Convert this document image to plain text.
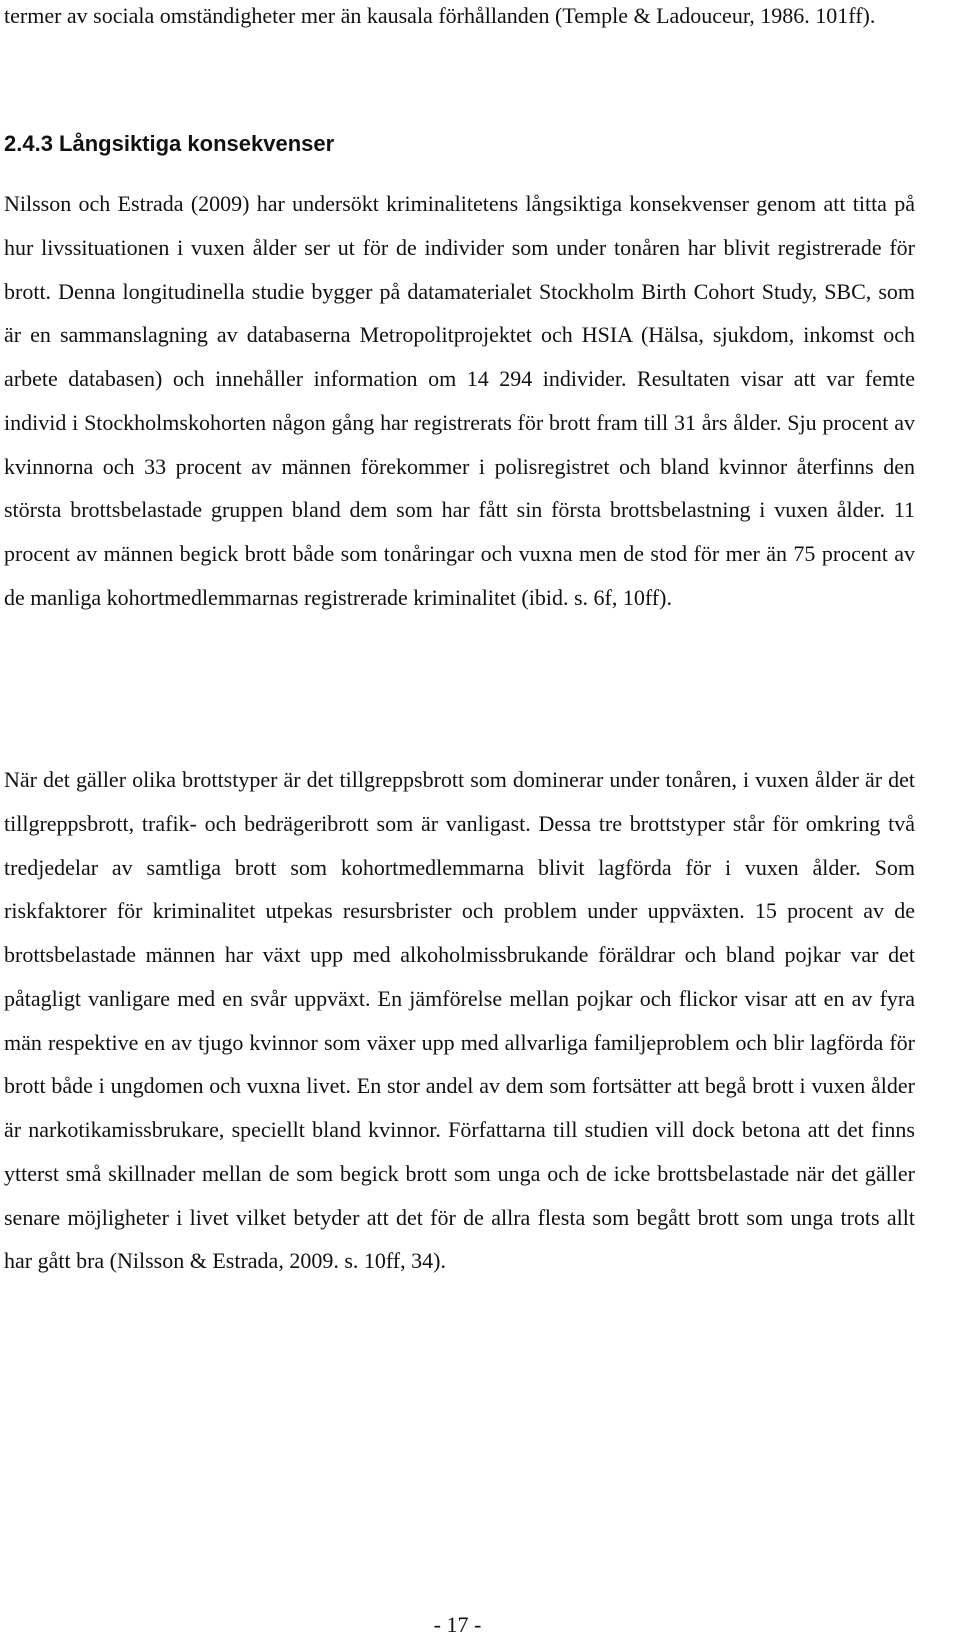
termer av sociala omständigheter mer än kausala förhållanden (Temple & Ladouceur, 1986. 101ff).

2.4.3 Långsiktiga konsekvenser

Nilsson och Estrada (2009) har undersökt kriminalitetens långsiktiga konsekvenser genom att titta på hur livssituationen i vuxen ålder ser ut för de individer som under tonåren har blivit registrerade för brott. Denna longitudinella studie bygger på datamaterialet Stockholm Birth Cohort Study, SBC, som är en sammanslagning av databaserna Metropolitprojektet och HSIA (Hälsa, sjukdom, inkomst och arbete databasen) och innehåller information om 14 294 individer. Resultaten visar att var femte individ i Stockholmskohorten någon gång har registrerats för brott fram till 31 års ålder. Sju procent av kvinnorna och 33 procent av männen förekommer i polisregistret och bland kvinnor återfinns den största brottsbelastade gruppen bland dem som har fått sin första brottsbelastning i vuxen ålder. 11 procent av männen begick brott både som tonåringar och vuxna men de stod för mer än 75 procent av de manliga kohortmedlemmarnas registrerade kriminalitet (ibid. s. 6f, 10ff).

När det gäller olika brottstyper är det tillgreppsbrott som dominerar under tonåren, i vuxen ålder är det tillgreppsbrott, trafik- och bedrägeribrott som är vanligast. Dessa tre brottstyper står för omkring två tredjedelar av samtliga brott som kohortmedlemmarna blivit lagförda för i vuxen ålder. Som riskfaktorer för kriminalitet utpekas resursbrister och problem under uppväxten. 15 procent av de brottsbelastade männen har växt upp med alkoholmissbrukande föräldrar och bland pojkar var det påtagligt vanligare med en svår uppväxt. En jämförelse mellan pojkar och flickor visar att en av fyra män respektive en av tjugo kvinnor som växer upp med allvarliga familjeproblem och blir lagförda för brott både i ungdomen och vuxna livet. En stor andel av dem som fortsätter att begå brott i vuxen ålder är narkotikamissbrukare, speciellt bland kvinnor. Författarna till studien vill dock betona att det finns ytterst små skillnader mellan de som begick brott som unga och de icke brottsbelastade när det gäller senare möjligheter i livet vilket betyder att det för de allra flesta som begått brott som unga trots allt har gått bra (Nilsson & Estrada, 2009. s. 10ff, 34).

- 17 -
